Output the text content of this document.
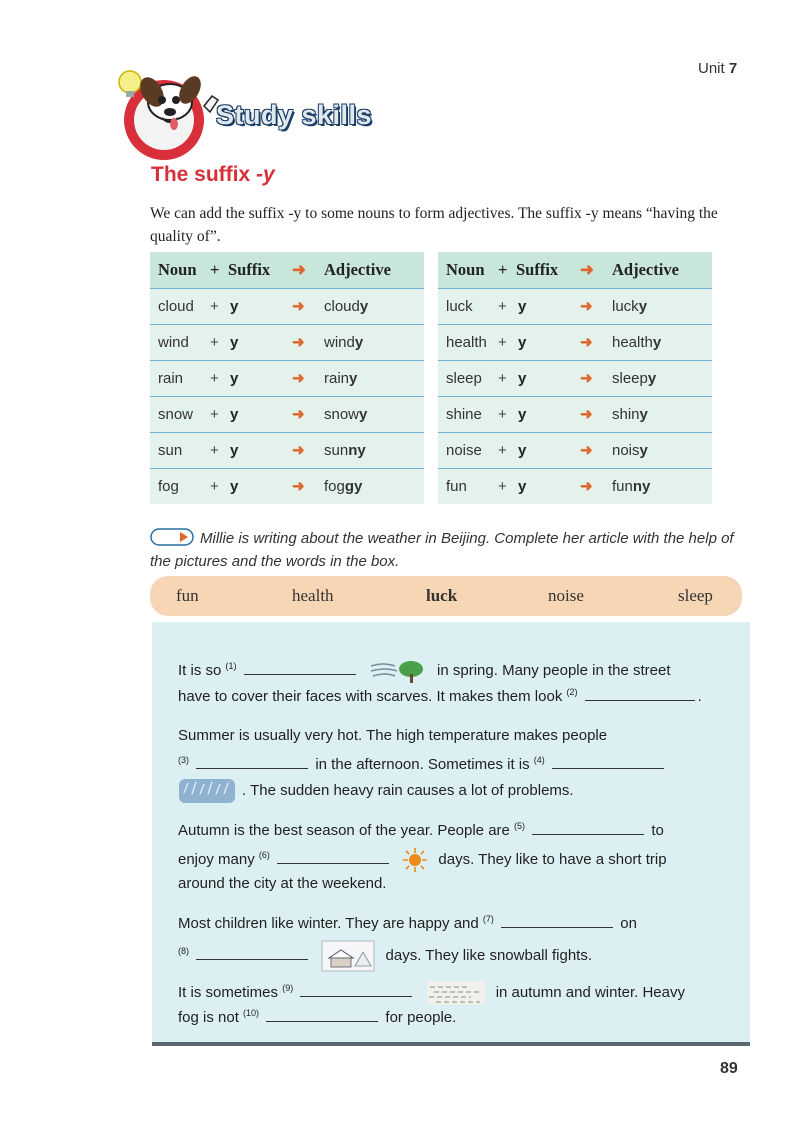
Unit 7
Study skills
The suffix -y
We can add the suffix -y to some nouns to form adjectives. The suffix -y means “having the quality of”.
Noun + Suffix ➜ Adjective
cloud + y	➜ cloudy
wind + y	➜ windy
rain + y	➜ rainy
snow + y	➜ snowy
sun + y	➜ sunny
fog + y	➜ foggy
Noun + Suffix ➜ Adjective
luck + y	➜ lucky
health + y	➜ healthy
sleep + y	➜ sleepy
shine + y	➜ shiny
noise + y	➜ noisy
fun + y	➜ funny
Millie is writing about the weather in Beijing. Complete her article with the help of the pictures and the words in the box.
fun	health	luck	noise	sleep
It is so $^{(1)}$	in spring. Many people in the street
have to cover their faces with scarves. It makes them look $^{(2)}$	.
Summer is usually very hot. The high temperature makes people
$^{(3)}$	in the afternoon. Sometimes it is $^{(4)}$
. The sudden heavy rain causes a lot of problems.
Autumn is the best season of the year. People are $^{(5)}$	to
enjoy many $^{(6)}$	days. They like to have a short trip
around the city at the weekend.
Most children like winter. They are happy and $^{(7)}$	on
$^{(8)}$	days. They like snowball fights.
It is sometimes $^{(9)}$	in autumn and winter. Heavy
fog is not $^{(10)}$	for people.
89
